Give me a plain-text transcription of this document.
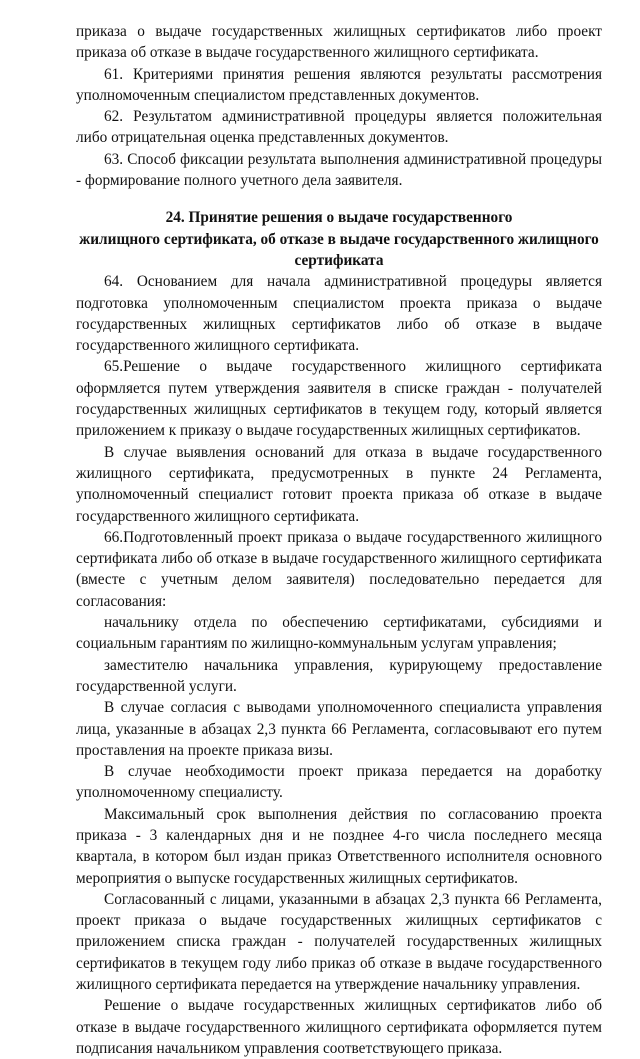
приказа о выдаче государственных жилищных сертификатов либо проект приказа об отказе в выдаче государственного жилищного сертификата.

61. Критериями принятия решения являются результаты рассмотрения уполномоченным специалистом представленных документов.

62. Результатом административной процедуры является положительная либо отрицательная оценка представленных документов.

63. Способ фиксации результата выполнения административной процедуры - формирование полного учетного дела заявителя.

24. Принятие решения о выдаче государственного
жилищного сертификата, об отказе в выдаче государственного жилищного
сертификата

64. Основанием для начала административной процедуры является подготовка уполномоченным специалистом проекта приказа о выдаче государственных жилищных сертификатов либо об отказе в выдаче государственного жилищного сертификата.

65.Решение о выдаче государственного жилищного сертификата оформляется путем утверждения заявителя в списке граждан - получателей государственных жилищных сертификатов в текущем году, который является приложением к приказу о выдаче государственных жилищных сертификатов.

В случае выявления оснований для отказа в выдаче государственного жилищного сертификата, предусмотренных в пункте 24 Регламента, уполномоченный специалист готовит проекта приказа об отказе в выдаче государственного жилищного сертификата.

66.Подготовленный проект приказа о выдаче государственного жилищного сертификата либо об отказе в выдаче государственного жилищного сертификата (вместе с учетным делом заявителя) последовательно передается для согласования:

начальнику отдела по обеспечению сертификатами, субсидиями и социальным гарантиям по жилищно-коммунальным услугам управления;

заместителю начальника управления, курирующему предоставление государственной услуги.

В случае согласия с выводами уполномоченного специалиста управления лица, указанные в абзацах 2,3 пункта 66 Регламента, согласовывают его путем проставления на проекте приказа визы.

В случае необходимости проект приказа передается на доработку уполномоченному специалисту.

Максимальный срок выполнения действия по согласованию проекта приказа - 3 календарных дня и не позднее 4-го числа последнего месяца квартала, в котором был издан приказ Ответственного исполнителя основного мероприятия о выпуске государственных жилищных сертификатов.

Согласованный с лицами, указанными в абзацах 2,3 пункта 66 Регламента, проект приказа о выдаче государственных жилищных сертификатов с приложением списка граждан - получателей государственных жилищных сертификатов в текущем году либо приказ об отказе в выдаче государственного жилищного сертификата передается на утверждение начальнику управления.

Решение о выдаче государственных жилищных сертификатов либо об отказе в выдаче государственного жилищного сертификата оформляется путем подписания начальником управления соответствующего приказа.
